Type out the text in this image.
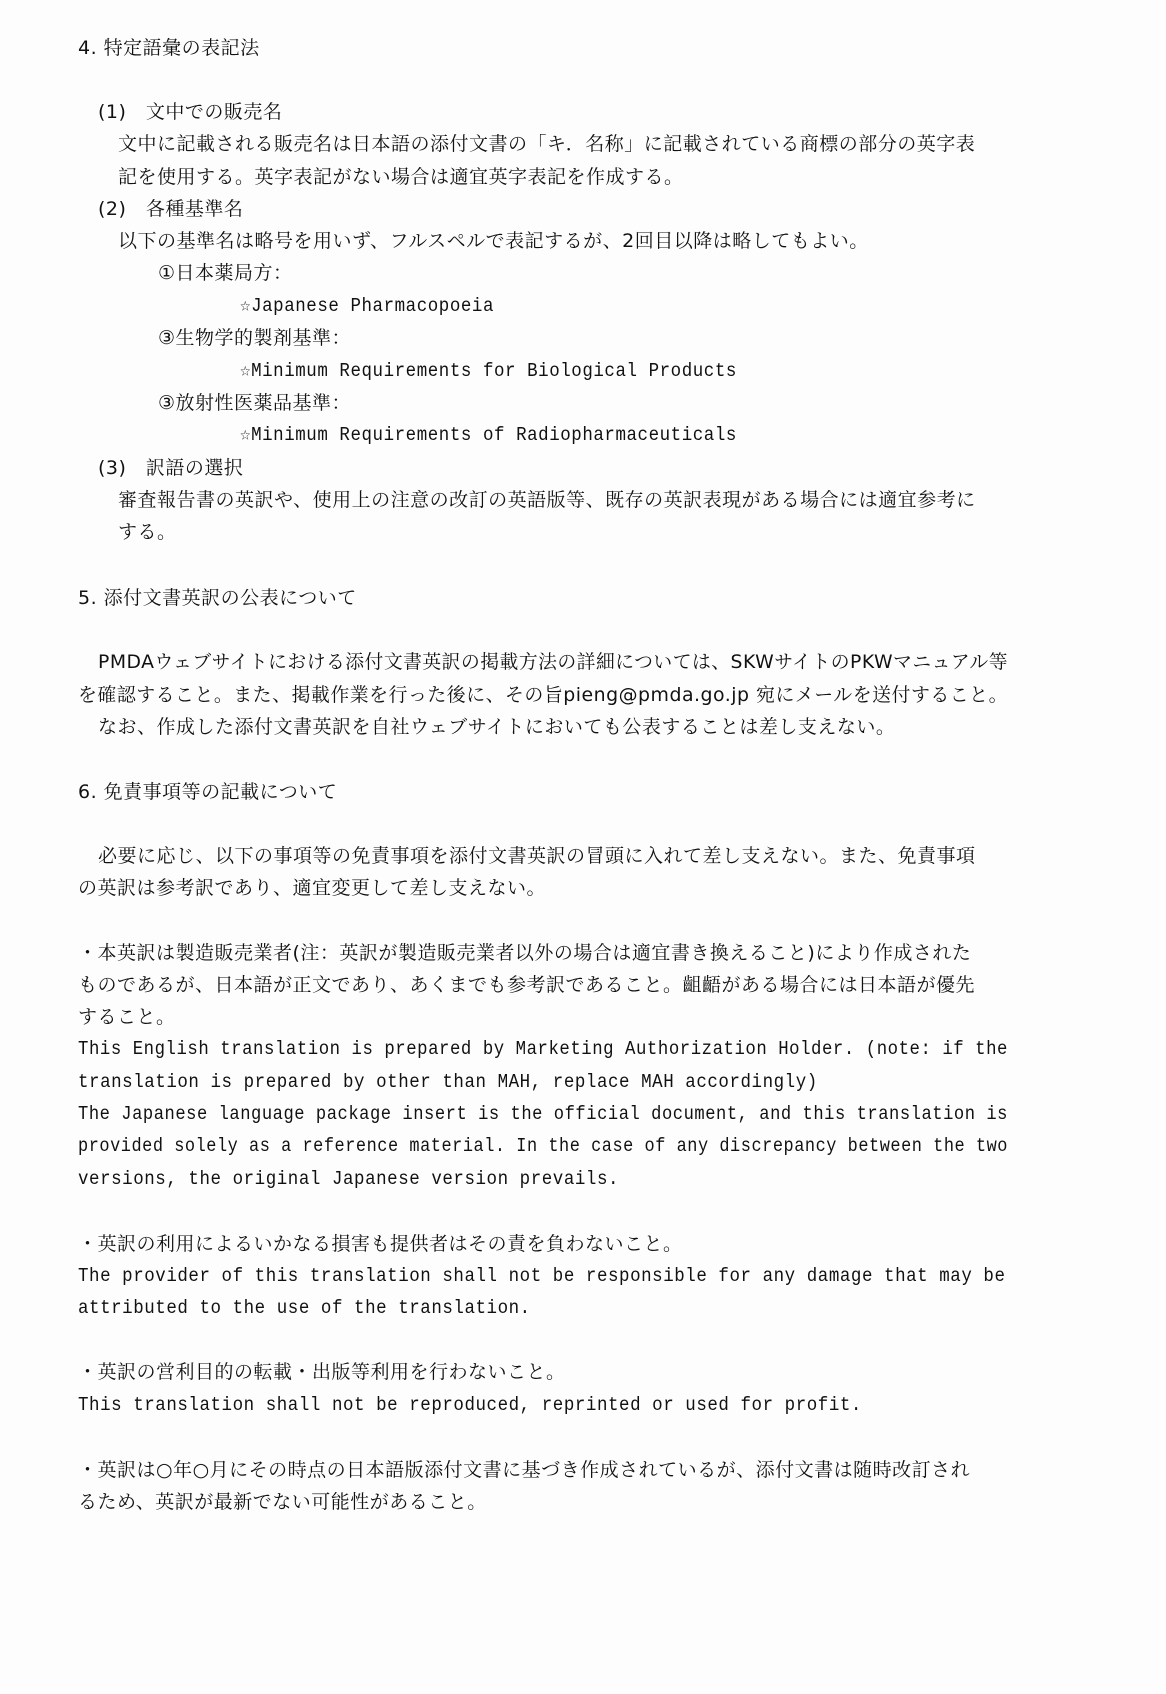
4. 特定語彙の表記法
(1)　文中での販売名
文中に記載される販売名は日本語の添付文書の「キ．名称」に記載されている商標の部分の英字表
記を使用する。英字表記がない場合は適宜英字表記を作成する。
(2)　各種基準名
以下の基準名は略号を用いず、フルスペルで表記するが、2回目以降は略してもよい。
①日本薬局方：
☆Japanese Pharmacopoeia
③生物学的製剤基準：
☆Minimum Requirements for Biological Products
③放射性医薬品基準：
☆Minimum Requirements of Radiopharmaceuticals
(3)　訳語の選択
審査報告書の英訳や、使用上の注意の改訂の英語版等、既存の英訳表現がある場合には適宜参考に
する。
5. 添付文書英訳の公表について
PMDAウェブサイトにおける添付文書英訳の掲載方法の詳細については、SKWサイトのPKWマニュアル等
を確認すること。また、掲載作業を行った後に、その旨pieng@pmda.go.jp 宛にメールを送付すること。
なお、作成した添付文書英訳を自社ウェブサイトにおいても公表することは差し支えない。
6. 免責事項等の記載について
必要に応じ、以下の事項等の免責事項を添付文書英訳の冒頭に入れて差し支えない。また、免責事項
の英訳は参考訳であり、適宜変更して差し支えない。
・本英訳は製造販売業者(注：英訳が製造販売業者以外の場合は適宜書き換えること)により作成された
ものであるが、日本語が正文であり、あくまでも参考訳であること。齟齬がある場合には日本語が優先
すること。
This English translation is prepared by Marketing Authorization Holder. (note: if the
translation is prepared by other than MAH, replace MAH accordingly)
The Japanese language package insert is the official document, and this translation is
provided solely as a reference material. In the case of any discrepancy between the two
versions, the original Japanese version prevails.
・英訳の利用によるいかなる損害も提供者はその責を負わないこと。
The provider of this translation shall not be responsible for any damage that may be
attributed to the use of the translation.
・英訳の営利目的の転載・出版等利用を行わないこと。
This translation shall not be reproduced, reprinted or used for profit.
・英訳は○年○月にその時点の日本語版添付文書に基づき作成されているが、添付文書は随時改訂され
るため、英訳が最新でない可能性があること。
